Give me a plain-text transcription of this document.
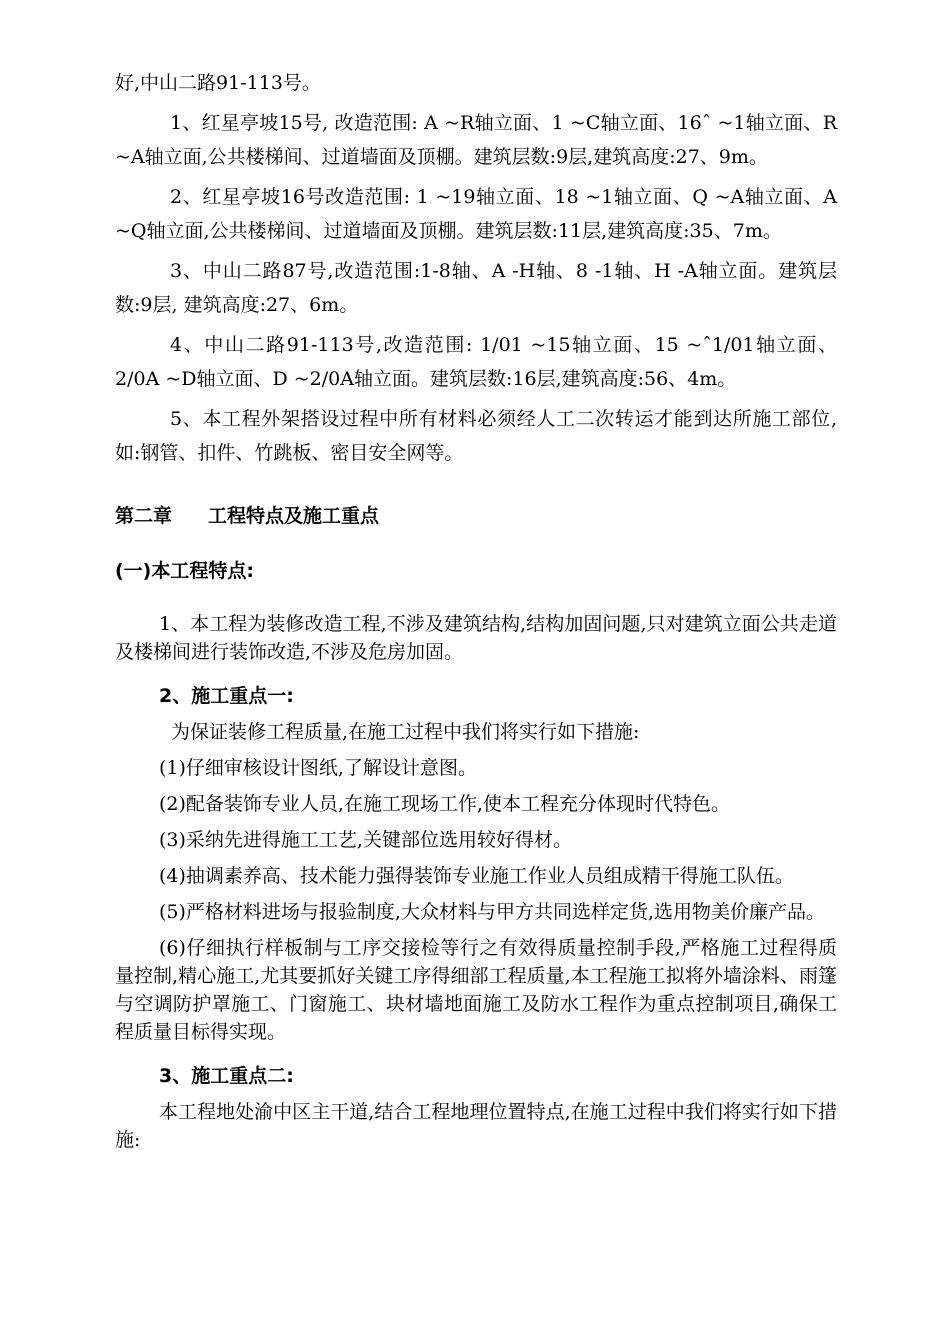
好,中山二路91-113号。

1、红星亭坡15号, 改造范围: A ~R轴立面、1 ~C轴立面、16ˆ ~1轴立面、R ~A轴立面,公共楼梯间、过道墙面及顶棚。建筑层数:9层,建筑高度:27、9m。

2、红星亭坡16号改造范围: 1 ~19轴立面、18 ~1轴立面、Q ~A轴立面、A ~Q轴立面,公共楼梯间、过道墙面及顶棚。建筑层数:11层,建筑高度:35、7m。

3、中山二路87号,改造范围:1-8轴、A -H轴、8 -1轴、H -A轴立面。建筑层数:9层, 建筑高度:27、6m。

4、中山二路91-113号,改造范围: 1/01 ~15轴立面、15 ~ˆ1/01轴立面、2/0A ~D轴立面、D ~2/0A轴立面。建筑层数:16层,建筑高度:56、4m。

5、本工程外架搭设过程中所有材料必须经人工二次转运才能到达所施工部位,如:钢管、扣件、竹跳板、密目安全网等。

第二章 工程特点及施工重点
(一)本工程特点:

1、本工程为装修改造工程,不涉及建筑结构,结构加固问题,只对建筑立面公共走道及楼梯间进行装饰改造,不涉及危房加固。

2、施工重点一:

为保证装修工程质量,在施工过程中我们将实行如下措施:

(1)仔细审核设计图纸,了解设计意图。

(2)配备装饰专业人员,在施工现场工作,使本工程充分体现时代特色。

(3)采纳先进得施工工艺,关键部位选用较好得材。

(4)抽调素养高、技术能力强得装饰专业施工作业人员组成精干得施工队伍。

(5)严格材料进场与报验制度,大众材料与甲方共同选样定货,选用物美价廉产品。

(6)仔细执行样板制与工序交接检等行之有效得质量控制手段,严格施工过程得质量控制,精心施工,尤其要抓好关键工序得细部工程质量,本工程施工拟将外墙涂料、雨篷与空调防护罩施工、门窗施工、块材墙地面施工及防水工程作为重点控制项目,确保工程质量目标得实现。

3、施工重点二:

本工程地处渝中区主干道,结合工程地理位置特点,在施工过程中我们将实行如下措施:
